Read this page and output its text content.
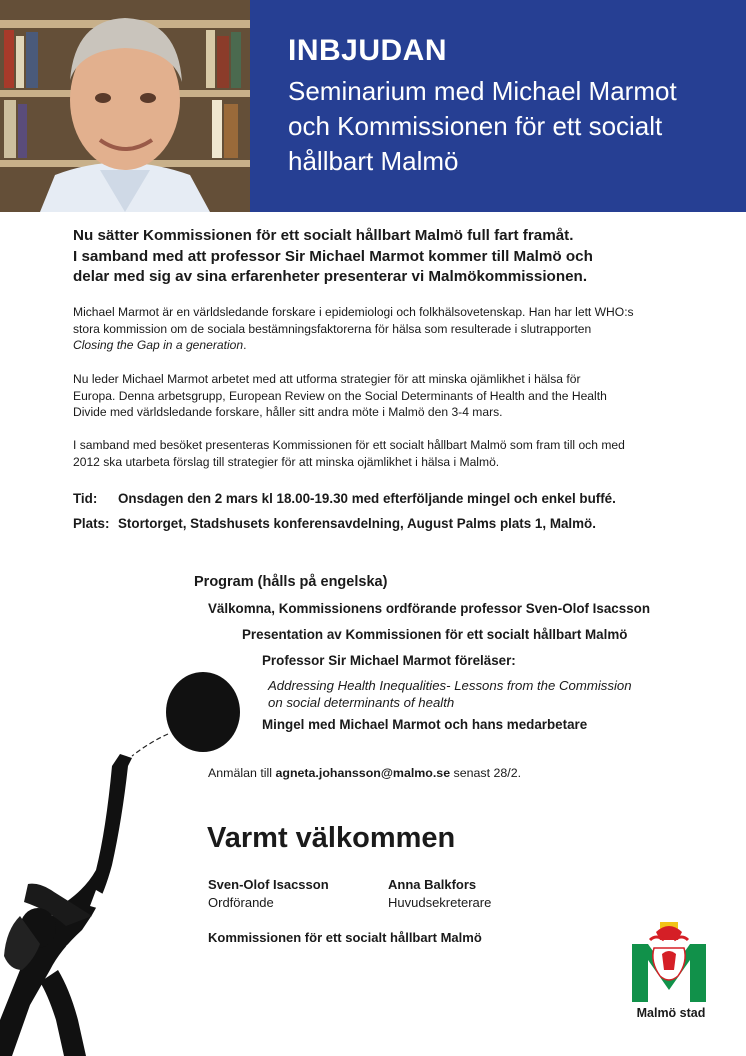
INBJUDAN
Seminarium med Michael Marmot
och Kommissionen för ett socialt
hållbart Malmö
Nu sätter Kommissionen för ett socialt hållbart Malmö full fart framåt.
I samband med att professor Sir Michael Marmot kommer till Malmö och
delar med sig av sina erfarenheter presenterar vi Malmökommissionen.
Michael Marmot är en världsledande forskare i epidemiologi och folkhälsovetenskap. Han har lett WHO:s
stora kommission om de sociala bestämningsfaktorerna för hälsa som resulterade i slutrapporten
Closing the Gap in a generation.
Nu leder Michael Marmot arbetet med att utforma strategier för att minska ojämlikhet i hälsa för
Europa. Denna arbetsgrupp, European Review on the Social Determinants of Health and the Health
Divide med världsledande forskare, håller sitt andra möte i Malmö den 3-4 mars.
I samband med besöket presenteras Kommissionen för ett socialt hållbart Malmö som fram till och med
2012 ska utarbeta förslag till strategier för att minska ojämlikhet i hälsa i Malmö.
Tid: Onsdagen den 2 mars kl 18.00-19.30 med efterföljande mingel och enkel buffé.
Plats: Stortorget, Stadshusets konferensavdelning, August Palms plats 1, Malmö.
Program (hålls på engelska)
Välkomna, Kommissionens ordförande professor Sven-Olof Isacsson
Presentation av Kommissionen för ett socialt hållbart Malmö
Professor Sir Michael Marmot föreläser:
Addressing Health Inequalities- Lessons from the Commission
on social determinants of health
Mingel med Michael Marmot och hans medarbetare
Anmälan till agneta.johansson@malmo.se senast 28/2.
Varmt välkommen
Sven-Olof Isacsson
Ordförande
Anna Balkfors
Huvudsekreterare
Kommissionen för ett socialt hållbart Malmö
Malmö stad
